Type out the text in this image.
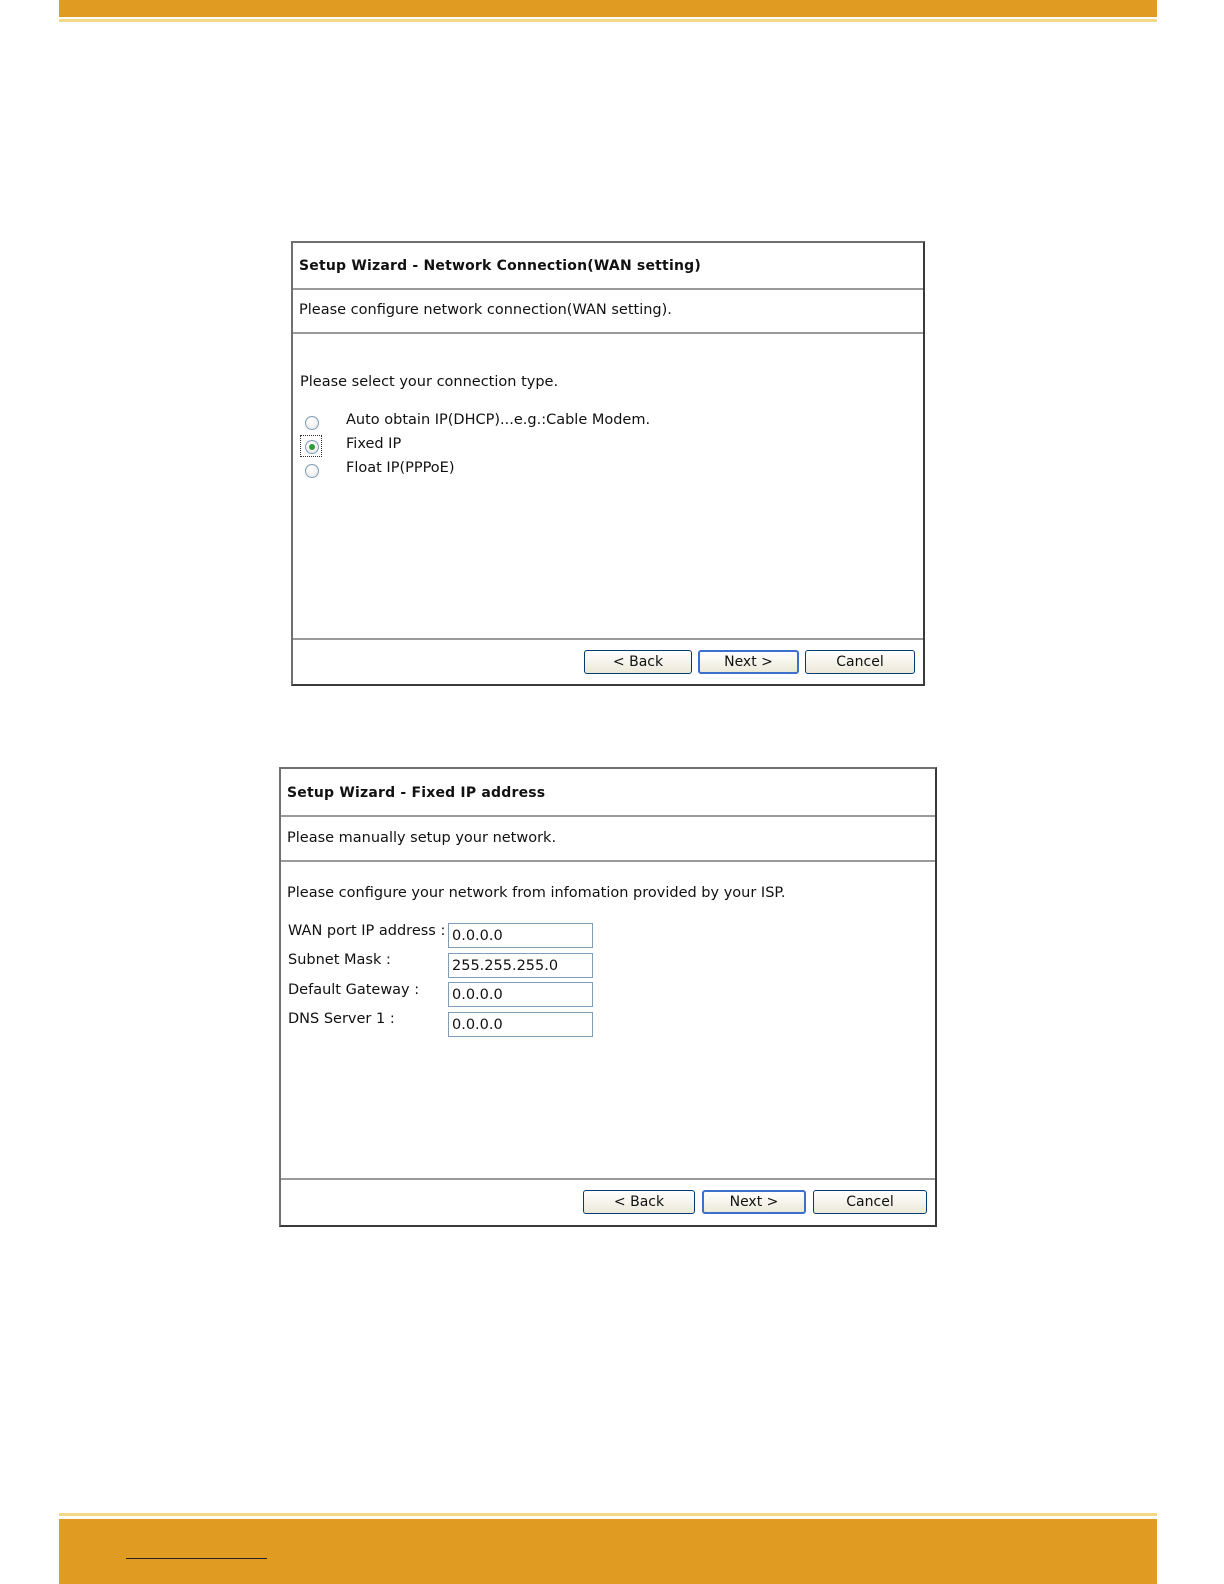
Setup Wizard - Network Connection(WAN setting)
Please configure network connection(WAN setting).
Please select your connection type.
Auto obtain IP(DHCP)...e.g.:Cable Modem.
Fixed IP
Float IP(PPPoE)
< Back	Next >	Cancel
Setup Wizard - Fixed IP address
Please manually setup your network.
Please configure your network from infomation provided by your ISP.
WAN port IP address :
0.0.0.0
Subnet Mask :
255.255.255.0
Default Gateway :
0.0.0.0
DNS Server 1 :
0.0.0.0
< Back	Next >	Cancel
